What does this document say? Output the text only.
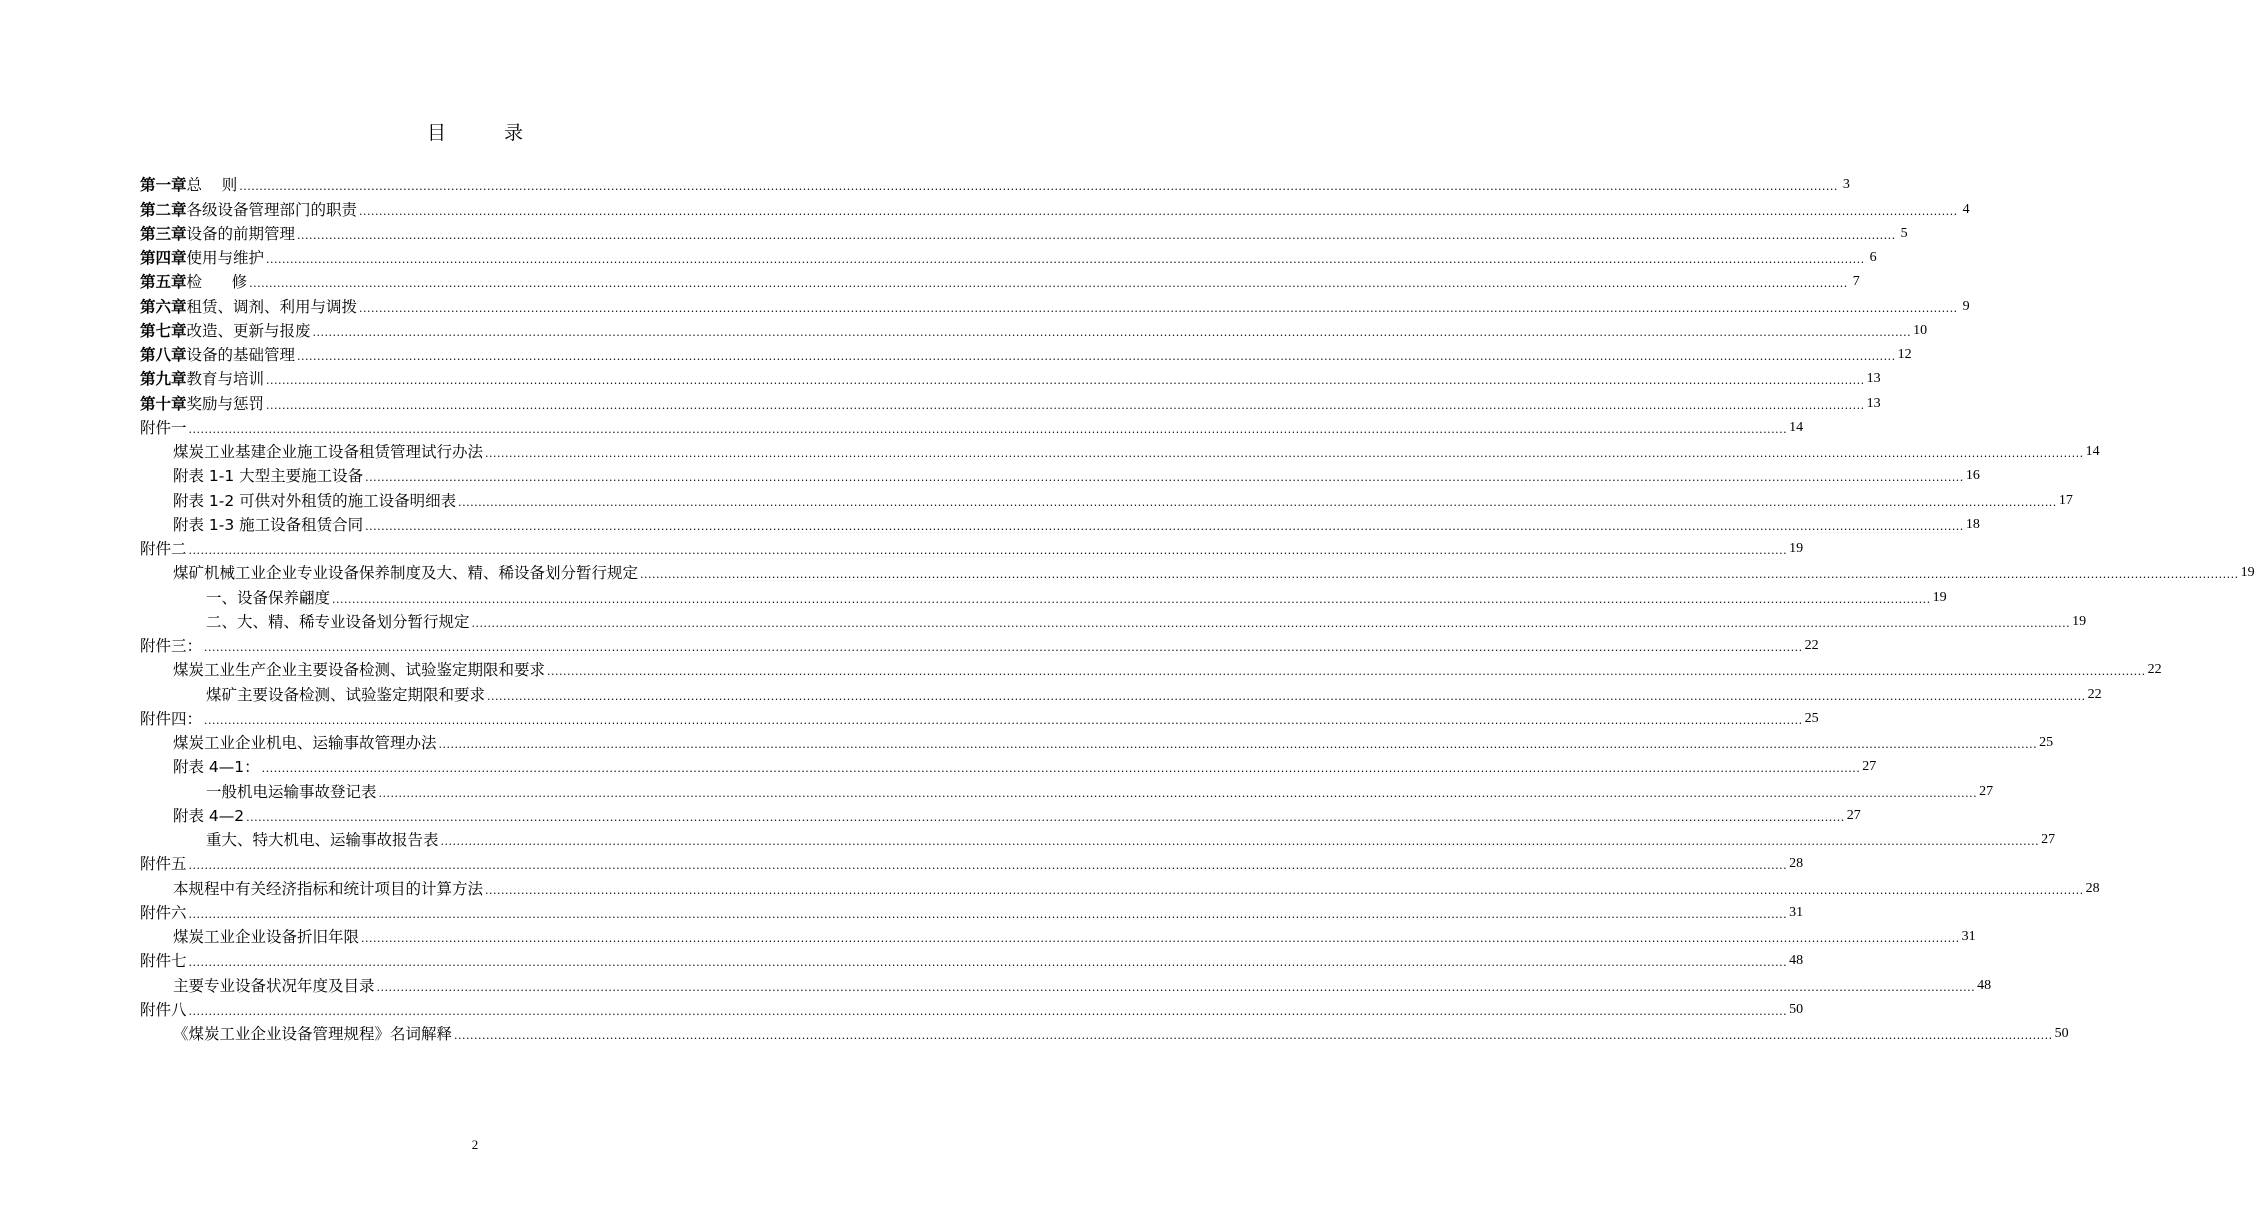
目 录
第一章 总    则 ................................................................................................................................................................................................................................................................................................................................................................................................................ 3
第二章 各级设备管理部门的职责 ................................................................................................................................................................................................................................................................................................................................................................................................................ 4
第三章 设备的前期管理 ................................................................................................................................................................................................................................................................................................................................................................................................................ 5
第四章 使用与维护 ................................................................................................................................................................................................................................................................................................................................................................................................................ 6
第五章 检      修 ................................................................................................................................................................................................................................................................................................................................................................................................................ 7
第六章 租赁、调剂、利用与调拨 ................................................................................................................................................................................................................................................................................................................................................................................................................ 9
第七章 改造、更新与报废 ................................................................................................................................................................................................................................................................................................................................................................................................................ 10
第八章 设备的基础管理 ................................................................................................................................................................................................................................................................................................................................................................................................................ 12
第九章 教育与培训 ................................................................................................................................................................................................................................................................................................................................................................................................................ 13
第十章 奖励与惩罚 ................................................................................................................................................................................................................................................................................................................................................................................................................ 13
附件一 ................................................................................................................................................................................................................................................................................................................................................................................................................ 14
煤炭工业基建企业施工设备租赁管理试行办法 ................................................................................................................................................................................................................................................................................................................................................................................................................ 14
附表 1-1 大型主要施工设备 ................................................................................................................................................................................................................................................................................................................................................................................................................ 16
附表 1-2 可供对外租赁的施工设备明细表 ................................................................................................................................................................................................................................................................................................................................................................................................................ 17
附表 1-3 施工设备租赁合同 ................................................................................................................................................................................................................................................................................................................................................................................................................ 18
附件二 ................................................................................................................................................................................................................................................................................................................................................................................................................ 19
煤矿机械工业企业专业设备保养制度及大、精、稀设备划分暂行规定 ................................................................................................................................................................................................................................................................................................................................................................................................................ 19
一、设备保养翩度 ................................................................................................................................................................................................................................................................................................................................................................................................................ 19
二、大、精、稀专业设备划分暂行规定 ................................................................................................................................................................................................................................................................................................................................................................................................................ 19
附件三： ................................................................................................................................................................................................................................................................................................................................................................................................................ 22
煤炭工业生产企业主要设备检测、试验鉴定期限和要求 ................................................................................................................................................................................................................................................................................................................................................................................................................ 22
煤矿主要设备检测、试验鉴定期限和要求 ................................................................................................................................................................................................................................................................................................................................................................................................................ 22
附件四： ................................................................................................................................................................................................................................................................................................................................................................................................................ 25
煤炭工业企业机电、运输事故管理办法 ................................................................................................................................................................................................................................................................................................................................................................................................................ 25
附表 4—1： ................................................................................................................................................................................................................................................................................................................................................................................................................ 27
一般机电运输事故登记表 ................................................................................................................................................................................................................................................................................................................................................................................................................ 27
附表 4—2 ................................................................................................................................................................................................................................................................................................................................................................................................................ 27
重大、特大机电、运输事故报告表 ................................................................................................................................................................................................................................................................................................................................................................................................................ 27
附件五 ................................................................................................................................................................................................................................................................................................................................................................................................................ 28
本规程中有关经济指标和统计项目的计算方法 ................................................................................................................................................................................................................................................................................................................................................................................................................ 28
附件六 ................................................................................................................................................................................................................................................................................................................................................................................................................ 31
煤炭工业企业设备折旧年限 ................................................................................................................................................................................................................................................................................................................................................................................................................ 31
附件七 ................................................................................................................................................................................................................................................................................................................................................................................................................ 48
主要专业设备状况年度及目录 ................................................................................................................................................................................................................................................................................................................................................................................................................ 48
附件八 ................................................................................................................................................................................................................................................................................................................................................................................................................ 50
《煤炭工业企业设备管理规程》名词解释 ................................................................................................................................................................................................................................................................................................................................................................................................................ 50
2
